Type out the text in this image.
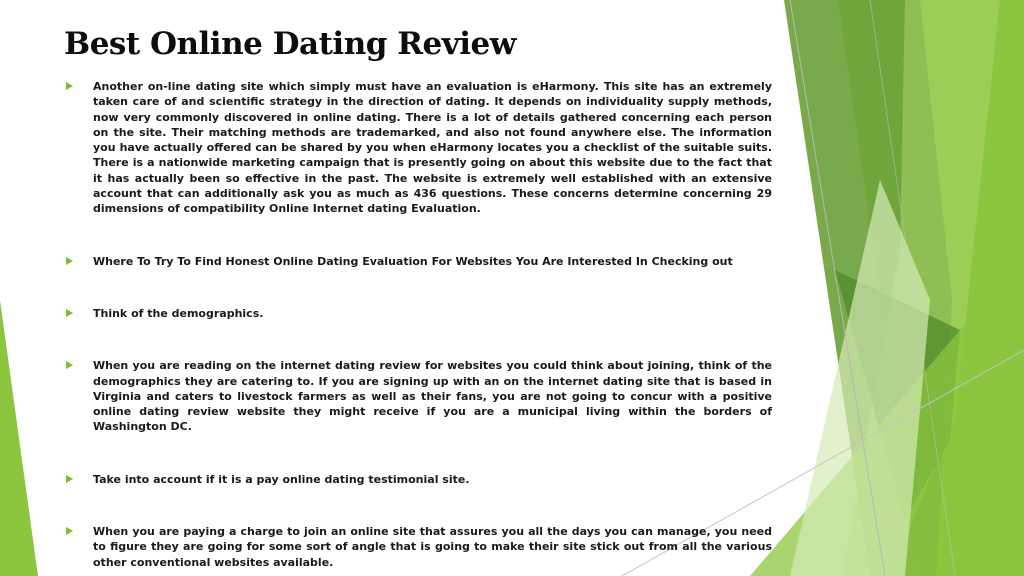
Best Online Dating Review

Another on-line dating site which simply must have an evaluation is eHarmony. This site has an extremely taken care of and scientific strategy in the direction of dating. It depends on individuality supply methods, now very commonly discovered in online dating. There is a lot of details gathered concerning each person on the site. Their matching methods are trademarked, and also not found anywhere else. The information you have actually offered can be shared by you when eHarmony locates you a checklist of the suitable suits. There is a nationwide marketing campaign that is presently going on about this website due to the fact that it has actually been so effective in the past. The website is extremely well established with an extensive account that can additionally ask you as much as 436 questions. These concerns determine concerning 29 dimensions of compatibility Online Internet dating Evaluation.

Where To Try To Find Honest Online Dating Evaluation For Websites You Are Interested In Checking out

Think of the demographics.

When you are reading on the internet dating review for websites you could think about joining, think of the demographics they are catering to. If you are signing up with an on the internet dating site that is based in Virginia and caters to livestock farmers as well as their fans, you are not going to concur with a positive online dating review website they might receive if you are a municipal living within the borders of Washington DC.

Take into account if it is a pay online dating testimonial site.

When you are paying a charge to join an online site that assures you all the days you can manage, you need to figure they are going for some sort of angle that is going to make their site stick out from all the various other conventional websites available.
